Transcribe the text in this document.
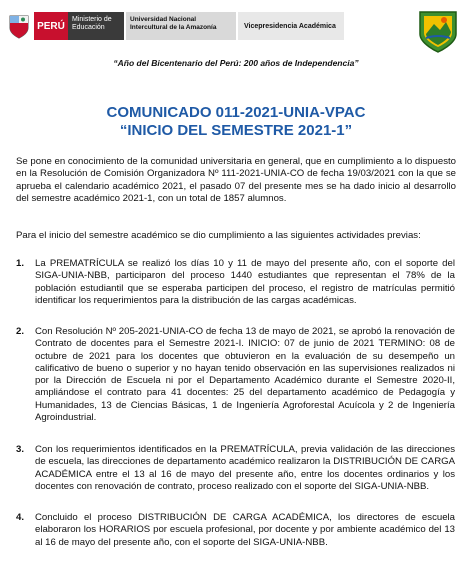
PERÚ
Ministerio de Educación
Universidad Nacional Intercultural de la Amazonía	Vicepresidencia Académica
“Año del Bicentenario del Perú: 200 años de Independencia”
COMUNICADO 011-2021-UNIA-VPAC
“INICIO DEL SEMESTRE 2021-1”

Se pone en conocimiento de la comunidad universitaria en general, que en cumplimiento a lo dispuesto en la Resolución de Comisión Organizadora Nº 111-2021-UNIA-CO de fecha 19/03/2021 con la que se aprueba el calendario académico 2021, el pasado 07 del presente mes se ha dado inicio al desarrollo del semestre académico 2021-1, con un total de 1857 alumnos.

Para el inicio del semestre académico se dio cumplimiento a las siguientes actividades previas:

1.	La PREMATRÍCULA se realizó los días 10 y 11 de mayo del presente año, con el soporte del SIGA-UNIA-NBB, participaron del proceso 1440 estudiantes que representan el 78% de la población estudiantil que se esperaba participen del proceso, el registro de matrículas permitió identificar los requerimientos para la distribución de las cargas académicas.

2.	Con Resolución Nº 205-2021-UNIA-CO de fecha 13 de mayo de 2021, se aprobó la renovación de Contrato de docentes para el Semestre 2021-I. INICIO: 07 de junio de 2021 TERMINO: 08 de octubre de 2021 para los docentes que obtuvieron en la evaluación de su desempeño un calificativo de bueno o superior y no hayan tenido observación en las supervisiones realizados ni por la Dirección de Escuela ni por el Departamento Académico durante el Semestre 2020-II, ampliándose el contrato para 41 docentes: 25 del departamento académico de Pedagogía y Humanidades, 13 de Ciencias Básicas, 1 de Ingeniería Agroforestal Acuícola y 2 de Ingeniería Agroindustrial.

3.	Con los requerimientos identificados en la PREMATRÍCULA, previa validación de las direcciones de escuela, las direcciones de departamento académico realizaron la DISTRIBUCIÓN DE CARGA ACADÉMICA entre el 13 al 16 de mayo del presente año, entre los docentes ordinarios y los docentes con renovación de contrato, proceso realizado con el soporte del SIGA-UNIA-NBB.

4.	Concluido el proceso DISTRIBUCIÓN DE CARGA ACADÉMICA, los directores de escuela elaboraron los HORARIOS por escuela profesional, por docente y por ambiente académico del 13 al 16 de mayo del presente año, con el soporte del SIGA-UNIA-NBB.
